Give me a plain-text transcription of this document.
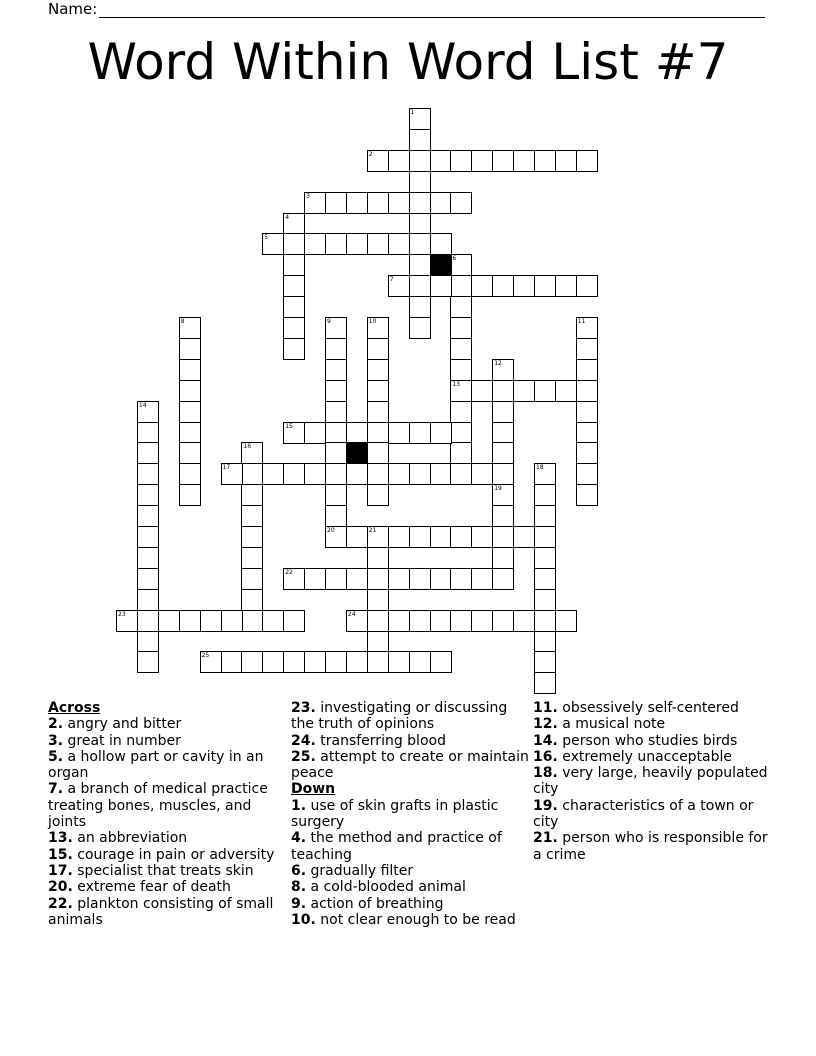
Name:
Word Within Word List #7
1
2
3
4
5
6
13
7
8	9	10	11
12
14
15
16
17	18
19
20	21
22
23	24
25
Across
2. angry and bitter
3. great in number
5. a hollow part or cavity in an organ
7. a branch of medical practice treating bones, muscles, and joints
13. an abbreviation
15. courage in pain or adversity
17. specialist that treats skin
20. extreme fear of death
22. plankton consisting of small animals
23. investigating or discussing the truth of opinions
24. transferring blood
25. attempt to create or maintain peace
Down
1. use of skin grafts in plastic surgery
4. the method and practice of teaching
6. gradually filter
8. a cold-blooded animal
9. action of breathing
10. not clear enough to be read
11. obsessively self-centered
12. a musical note
14. person who studies birds
16. extremely unacceptable
18. very large, heavily populated city
19. characteristics of a town or city
21. person who is responsible for a crime
